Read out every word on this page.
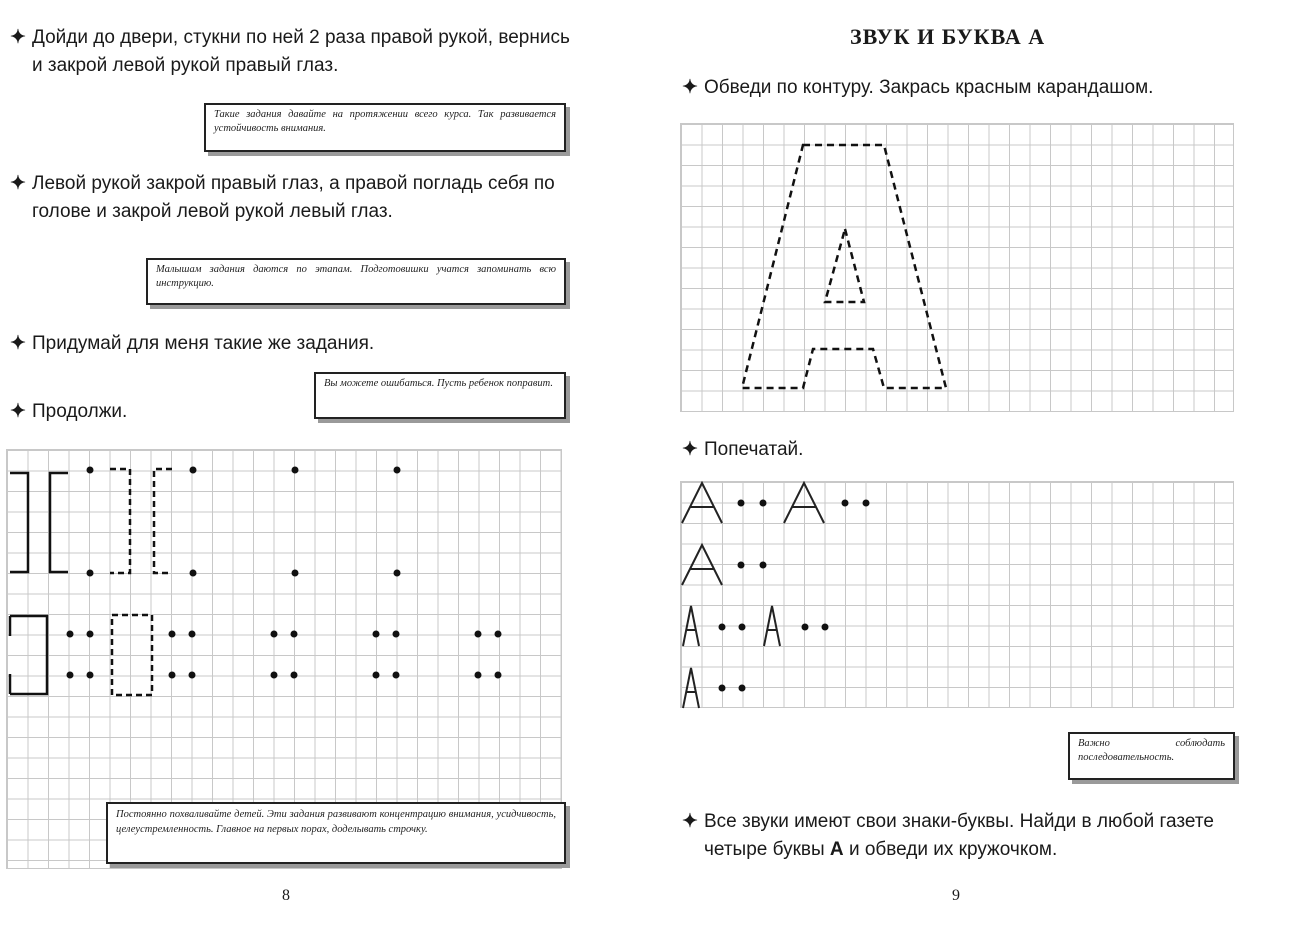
✦ Дойди до двери, стукни по ней 2 раза правой рукой, вернись и закрой левой рукой правый глаз.
Такие задания давайте на протяжении всего курса. Так развивается устойчивость внимания.
✦ Левой рукой закрой правый глаз, а правой погладь себя по голове и закрой левой рукой левый глаз.
Малышам задания даются по этапам. Подготовишки учатся запоминать всю инструкцию.
✦ Придумай для меня такие же задания.
✦ Продолжи.
Вы можете ошибаться. Пусть ребенок поправит.
Постоянно похваливайте детей. Эти задания развивают концентрацию внимания, усидчивость, целеустремленность. Главное на первых порах, доделывать строчку.
8
ЗВУК И БУКВА А
✦ Обведи по контуру. Закрась красным карандашом.
✦ Попечатай.
Важно соблюдать последовательность.
✦ Все звуки имеют свои знаки-буквы. Найди в любой газете четыре буквы А и обведи их кружочком.
9
